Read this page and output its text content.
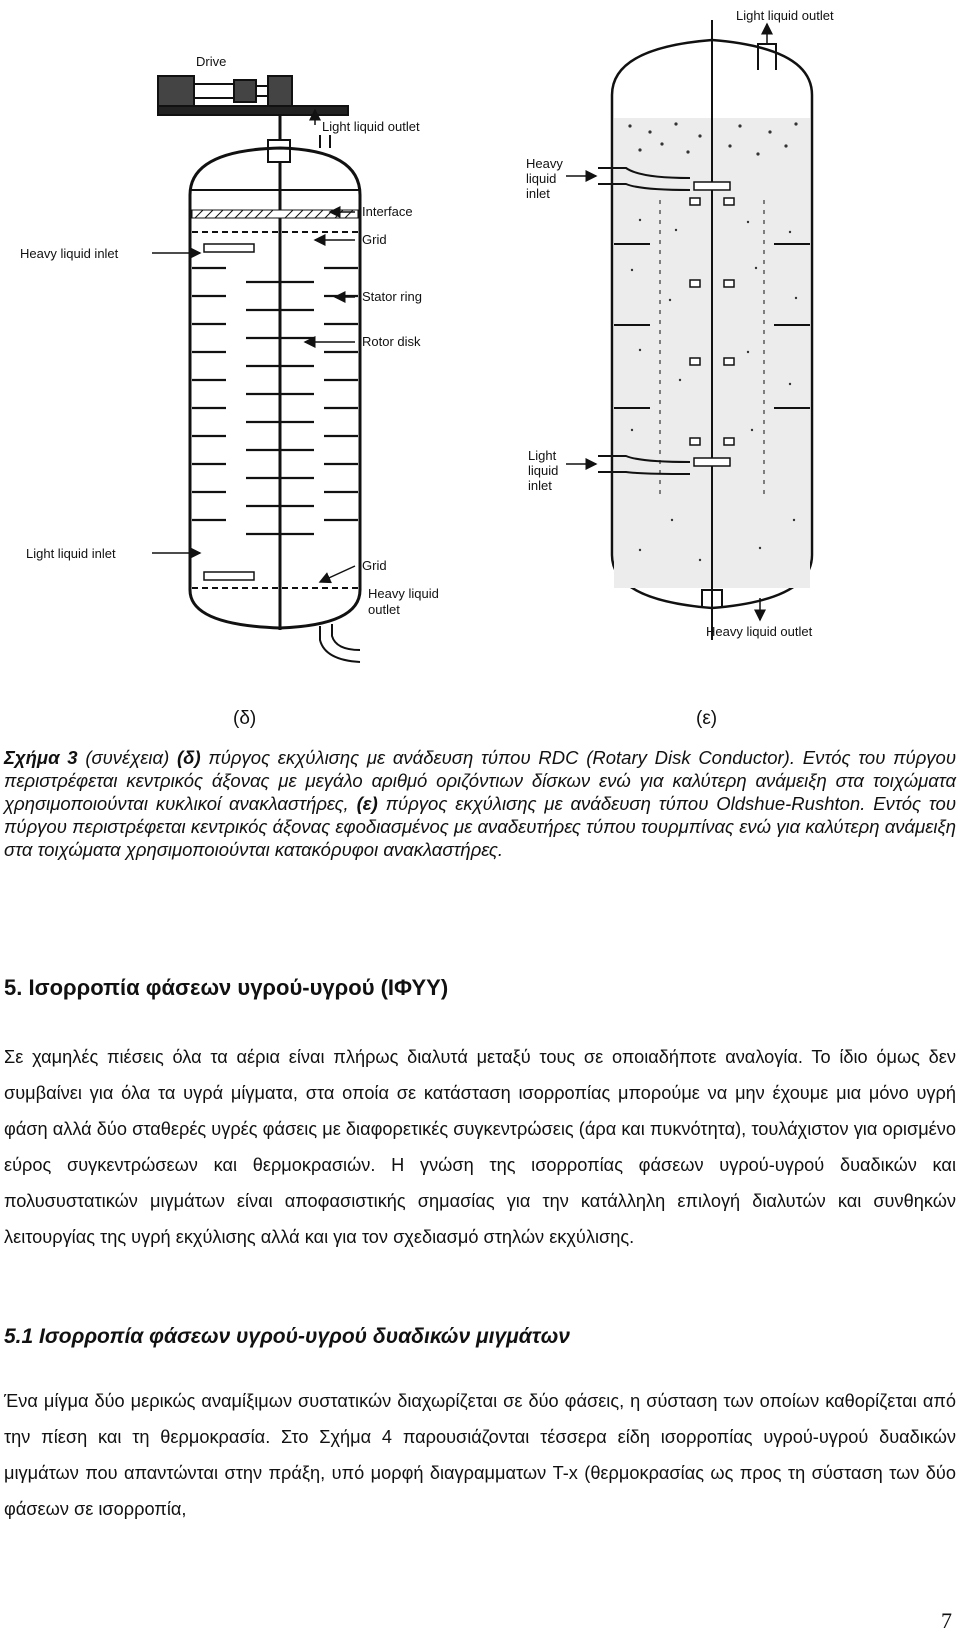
Drive
Light liquid outlet
Interface
Grid
Heavy liquid inlet
Stator ring
Rotor disk
Light liquid inlet
Grid
Heavy liquid
outlet
Light liquid outlet
Heavy
liquid
inlet
Light
liquid
inlet
Heavy liquid outlet
(δ)	(ε)

Σχήμα 3 (συνέχεια) (δ) πύργος εκχύλισης με ανάδευση τύπου RDC (Rotary Disk Conductor). Εντός του πύργου περιστρέφεται κεντρικός άξονας με μεγάλο αριθμό οριζόντιων δίσκων ενώ για καλύτερη ανάμειξη στα τοιχώματα χρησιμοποιούνται κυκλικοί ανακλαστήρες, (ε) πύργος εκχύλισης με ανάδευση τύπου Oldshue-Rushton. Εντός του πύργου περιστρέφεται κεντρικός άξονας εφοδιασμένος με αναδευτήρες τύπου τουρμπίνας ενώ για καλύτερη ανάμειξη στα τοιχώματα χρησιμοποιούνται κατακόρυφοι ανακλαστήρες.

5. Ισορροπία φάσεων υγρού-υγρού (ΙΦΥΥ)

Σε χαμηλές πιέσεις όλα τα αέρια είναι πλήρως διαλυτά μεταξύ τους σε οποιαδήποτε αναλογία. Το ίδιο όμως δεν συμβαίνει για όλα τα υγρά μίγματα, στα οποία σε κατάσταση ισορροπίας μπορούμε να μην έχουμε μια μόνο υγρή φάση αλλά δύο σταθερές υγρές φάσεις με διαφορετικές συγκεντρώσεις (άρα και πυκνότητα), τουλάχιστον για ορισμένο εύρος συγκεντρώσεων και θερμοκρασιών. Η γνώση της ισορροπίας φάσεων υγρού-υγρού δυαδικών και πολυσυστατικών μιγμάτων είναι αποφασιστικής σημασίας για την κατάλληλη επιλογή διαλυτών και συνθηκών λειτουργίας της υγρή εκχύλισης αλλά και για τον σχεδιασμό στηλών εκχύλισης.

5.1 Ισορροπία φάσεων υγρού-υγρού δυαδικών μιγμάτων

Ένα μίγμα δύο μερικώς αναμίξιμων συστατικών διαχωρίζεται σε δύο φάσεις, η σύσταση των οποίων καθορίζεται από την πίεση και τη θερμοκρασία. Στο Σχήμα 4 παρουσιάζονται τέσσερα είδη ισορροπίας υγρού-υγρού δυαδικών μιγμάτων που απαντώνται στην πράξη, υπό μορφή διαγραμματων T-x (θερμοκρασίας ως προς τη σύσταση των δύο φάσεων σε ισορροπία,

7
